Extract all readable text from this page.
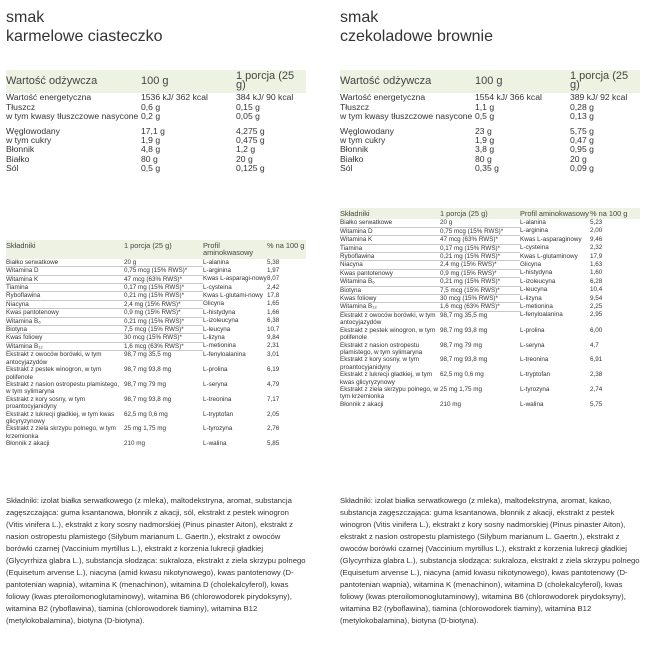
smak
karmelowe ciasteczko
Wartość odżywcza	100 g	1 porcja (25 g)
Wartość energetyczna	1536 kJ/ 362 kcal	384 kJ/ 90 kcal
Tłuszcz	0,6 g	0,15 g
w tym kwasy tłuszczowe nasycone	0,2 g	0,05 g

Węglowodany	17,1 g	4,275 g
w tym cukry	1,9 g	0,475 g
Błonnik	4,8 g	1,2 g
Białko	80 g	20 g
Sól	0,5 g	0,125 g
Składniki	1 porcja (25 g)	Profil aminokwasowy	% na 100 g
Białko serwatkowe	20 g	L-alanina	5,38
Witamina D	0,75 mcg (15% RWS)*	L-arginina	1,97
Witamina K	47 mcg (63% RWS)*	Kwas L-asparagi-nowy	8,07
Tiamina	0,17 mg (15% RWS)*	L-cysteina	2,42
Ryboflawina	0,21 mg (15% RWS)*	Kwas L-glutami-nowy	17,8
Niacyna	2,4 mg (15% RWS)*	Glicyna	1,65
Kwas pantotenowy	0,9 mg (15% RWS)*	L-histydyna	1,66
Witamina B₆	0,21 mg (15% RWS)*	L-izoleucyna	6,38
Biotyna	7,5 mcg (15% RWS)*	L-leucyna	10,7
Kwas foliowy	30 mcg (15% RWS)*	L-lizyna	9,84
Witamina B₁₂	1,6 mcg (63% RWS)*	L-metionina	2,31
Ekstrakt z owoców borówki, w tym antocyjazydów	98,7 mg 35,5 mg	L-fenyloalanina	3,01
Ekstrakt z pestek winogron, w tym polifenole	98,7 mg 93,8 mg	L-prolina	6,19
Ekstrakt z nasion ostropestu plamistego, w tym sylimaryna	98,7 mg 79 mg	L-seryna	4,79
Ekstrakt z kory sosny, w tym proantocyjanidyny	98,7 mg 93,8 mg	L-treonina	7,17
Ekstrakt z lukrecji gładkiej, w tym kwas glicyryzynowy	62,5 mg 0,6 mg	L-tryptofan	2,05
Ekstrakt z ziela skrzypu polnego, w tym krzemionka	25 mg 1,75 mg	L-tyrozyna	2,76
Błonnik z akacji	210 mg	L-walina	5,85
Składniki: izolat białka serwatkowego (z mleka), maltodekstryna, aromat, substancja zagęszczająca: guma ksantanowa, błonnik z akacji, sól, ekstrakt z pestek winogron (Vitis vinifera L.), ekstrakt z kory sosny nadmorskiej (Pinus pinaster Aiton), ekstrakt z nasion ostropestu plamistego (Silybum marianum L. Gaertn.), ekstrakt z owoców borówki czarnej (Vaccinium myrtillus L.), ekstrakt z korzenia lukrecji gładkiej (Glycyrrhiza glabra L.), substancja słodząca: sukraloza, ekstrakt z ziela skrzypu polnego (Equisetum arvense L.), niacyna (amid kwasu nikotynowego), kwas pantotenowy (D-pantotenian wapnia), witamina K (menachinon), witamina D (cholekalcyferol), kwas foliowy (kwas pteroilomonoglutaminowy), witamina B6 (chlorowodorek pirydoksyny), witamina B2 (ryboflawina), tiamina (chlorowodorek tiaminy), witamina B12 (metylokobalamina), biotyna (D-biotyna).
smak
czekoladowe brownie
Wartość odżywcza	100 g	1 porcja (25 g)
Wartość energetyczna	1554 kJ/ 366 kcal	389 kJ/ 92 kcal
Tłuszcz	1,1 g	0,28 g
w tym kwasy tłuszczowe nasycone	0,5 g	0,13 g

Węglowodany	23 g	5,75 g
w tym cukry	1,9 g	0,47 g
Błonnik	3,8 g	0,95 g
Białko	80 g	20 g
Sól	0,35 g	0,09 g
Składniki	1 porcja (25 g)	Profil aminokwasowy	% na 100 g
Białko serwatkowe	20 g	L-alanina	5,23
Witamina D	0,75 mcg (15% RWS)*	L-arginina	2,00
Witamina K	47 mcg (63% RWS)*	Kwas L-asparaginowy	9,46
Tiamina	0,17 mg (15% RWS)*	L-cysteina	2,32
Ryboflawina	0,21 mg (15% RWS)*	Kwas L-glutaminowy	17,9
Niacyna	2,4 mg (15% RWS)*	Glicyna	1,63
Kwas pantotenowy	0,9 mg (15% RWS)*	L-histydyna	1,60
Witamina B₆	0,21 mg (15% RWS)*	L-izoleucyna	6,28
Biotyna	7,5 mcg (15% RWS)*	L-leucyna	10,4
Kwas foliowy	30 mcg (15% RWS)*	L-lizyna	9,54
Witamina B₁₂	1,6 mcg (63% RWS)*	L-metionina	2,25
Ekstrakt z owoców borówki, w tym antocyjazydów	98,7 mg 35,5 mg	L-fenyloalanina	2,95
Ekstrakt z pestek winogron, w tym polifenole	98,7 mg 93,8 mg	L-prolina	6,00
Ekstrakt z nasion ostropestu plamistego, w tym sylimaryna	98,7 mg 79 mg	L-seryna	4,7
Ekstrakt z kory sosny, w tym proantocyjanidyny	98,7 mg 93,8 mg	L-treonina	6,91
Ekstrakt z lukrecji gładkiej, w tym kwas glicyryzynowy	62,5 mg 0,6 mg	L-tryptofan	2,38
Ekstrakt z ziela skrzypu polnego, w tym krzemionka	25 mg 1,75 mg	L-tyrozyna	2,74
Błonnik z akacji	210 mg	L-walina	5,75
Składniki: izolat białka serwatkowego (z mleka), maltodekstryna, aromat, kakao, substancja zagęszczająca: guma ksantanowa, błonnik z akacji, ekstrakt z pestek winogron (Vitis vinifera L.), ekstrakt z kory sosny nadmorskiej (Pinus pinaster Aiton), ekstrakt z nasion ostropestu plamistego (Silybum marianum L. Gaertn.), ekstrakt z owoców borówki czarnej (Vaccinium myrtillus L.), ekstrakt z korzenia lukrecji gładkiej (Glycyrrhiza glabra L.), substancja słodząca: sukraloza, ekstrakt z ziela skrzypu polnego (Equisetum arvense L.), niacyna (amid kwasu nikotynowego), kwas pantotenowy (D-pantotenian wapnia), witamina K (menachinon), witamina D (cholekalcyferol), kwas foliowy (kwas pteroilomonoglutaminowy), witamina B6 (chlorowodorek pirydoksyny), witamina B2 (ryboflawina), tiamina (chlorowodorek tiaminy), witamina B12 (metylokobalamina), biotyna (D-biotyna).
